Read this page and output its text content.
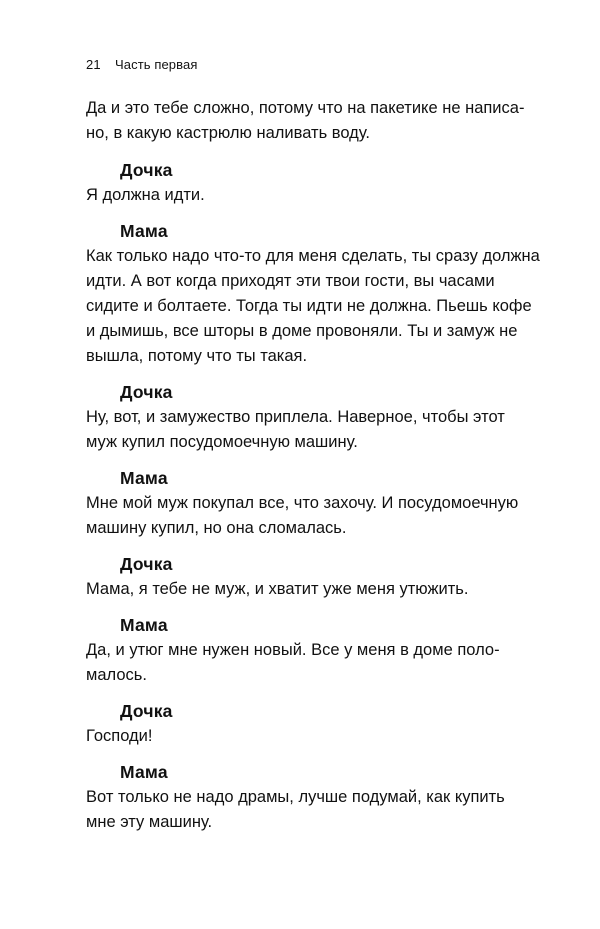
21 Часть первая
Да и это тебе сложно, потому что на пакетике не написа-
но, в какую кастрюлю наливать воду.
Дочка
Я должна идти.
Мама
Как только надо что-то для меня сделать, ты сразу должна
идти. А вот когда приходят эти твои гости, вы часами
сидите и болтаете. Тогда ты идти не должна. Пьешь кофе
и дымишь, все шторы в доме провоняли. Ты и замуж не
вышла, потому что ты такая.
Дочка
Ну, вот, и замужество приплела. Наверное, чтобы этот
муж купил посудомоечную машину.
Мама
Мне мой муж покупал все, что захочу. И посудомоечную
машину купил, но она сломалась.
Дочка
Мама, я тебе не муж, и хватит уже меня утюжить.
Мама
Да, и утюг мне нужен новый. Все у меня в доме поло-
малось.
Дочка
Господи!
Мама
Вот только не надо драмы, лучше подумай, как купить
мне эту машину.
